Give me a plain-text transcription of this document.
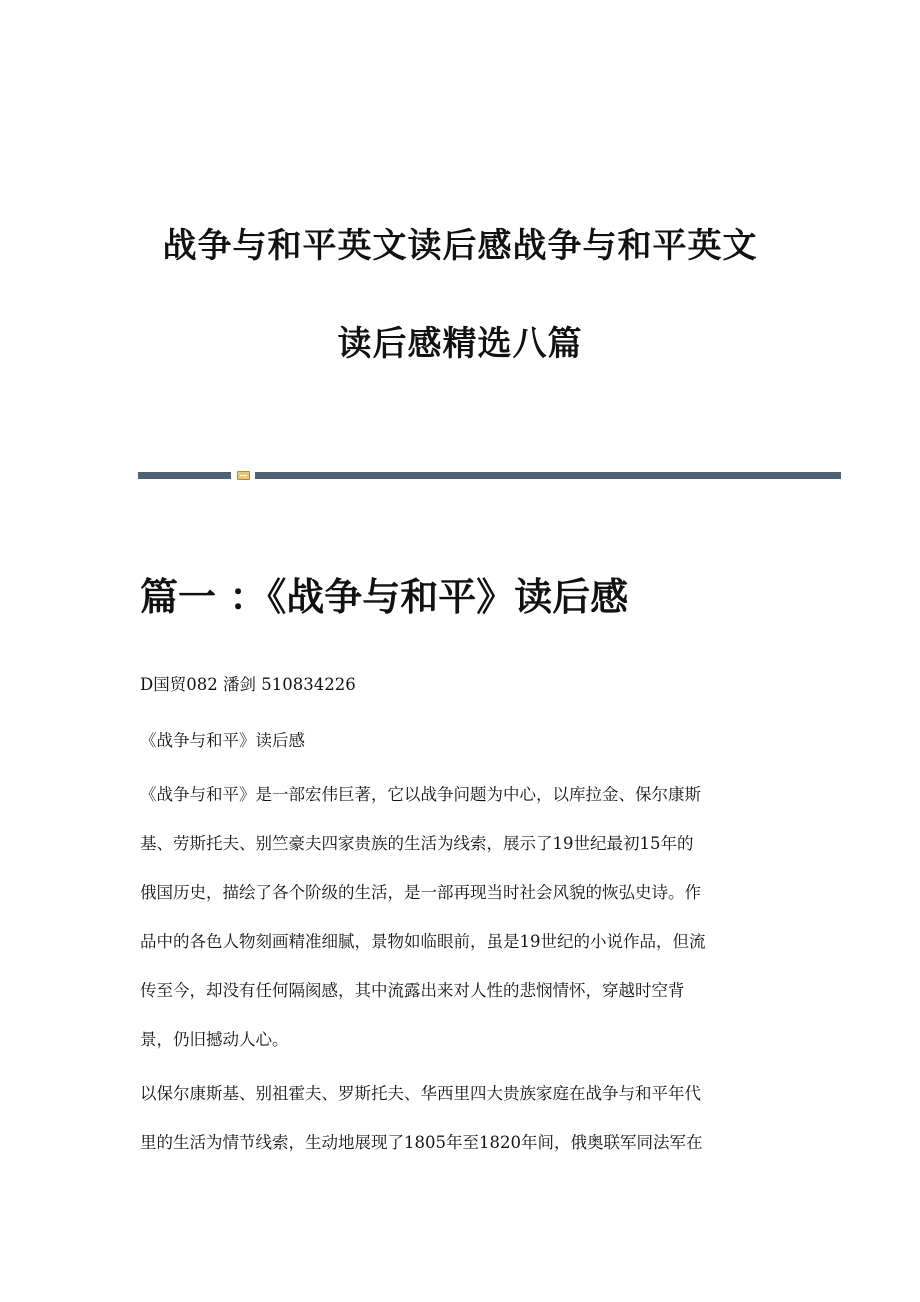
战争与和平英文读后感战争与和平英文
读后感精选八篇
篇一 ：《战争与和平》读后感

D国贸082 潘剑 510834226

《战争与和平》读后感

《战争与和平》是一部宏伟巨著，它以战争问题为中心，以库拉金、保尔康斯
基、劳斯托夫、别竺豪夫四家贵族的生活为线索，展示了19世纪最初15年的
俄国历史，描绘了各个阶级的生活，是一部再现当时社会风貌的恢弘史诗。作
品中的各色人物刻画精准细腻，景物如临眼前，虽是19世纪的小说作品，但流
传至今，却没有任何隔阂感，其中流露出来对人性的悲悯情怀，穿越时空背
景，仍旧撼动人心。

以保尔康斯基、别祖霍夫、罗斯托夫、华西里四大贵族家庭在战争与和平年代
里的生活为情节线索，生动地展现了1805年至1820年间，俄奥联军同法军在
